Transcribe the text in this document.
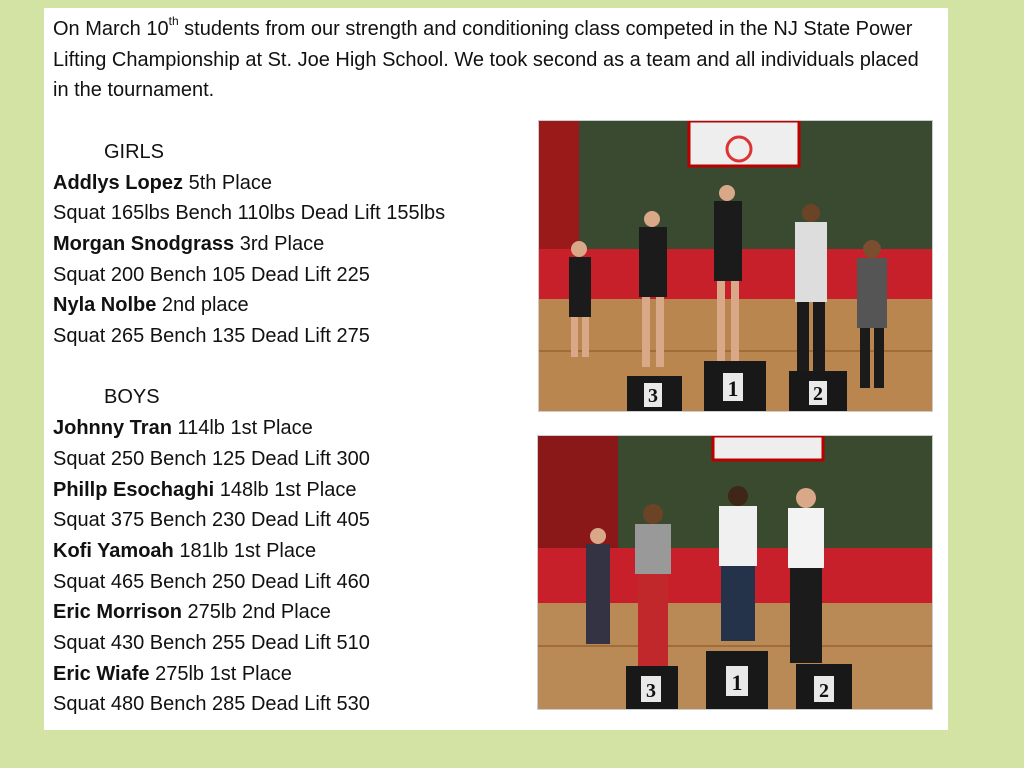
On March 10th students from our strength and conditioning class competed in the NJ State Power Lifting Championship at St. Joe High School. We took second as a team and all individuals placed in the tournament.

GIRLS
Addlys Lopez 5th Place
Squat 165lbs Bench 110lbs Dead Lift 155lbs
Morgan Snodgrass 3rd Place
Squat 200 Bench 105 Dead Lift 225
Nyla Nolbe 2nd place
Squat 265 Bench 135 Dead Lift 275
BOYS
Johnny Tran 114lb 1st Place
Squat 250 Bench 125 Dead Lift 300
Phillp Esochaghi 148lb 1st Place
Squat 375 Bench 230 Dead Lift 405
Kofi Yamoah 181lb 1st Place
Squat 465 Bench 250 Dead Lift 460
Eric Morrison 275lb 2nd Place
Squat 430 Bench 255 Dead Lift 510
Eric Wiafe 275lb 1st Place
Squat 480 Bench 285 Dead Lift 530
3	1	2
3	1	2
